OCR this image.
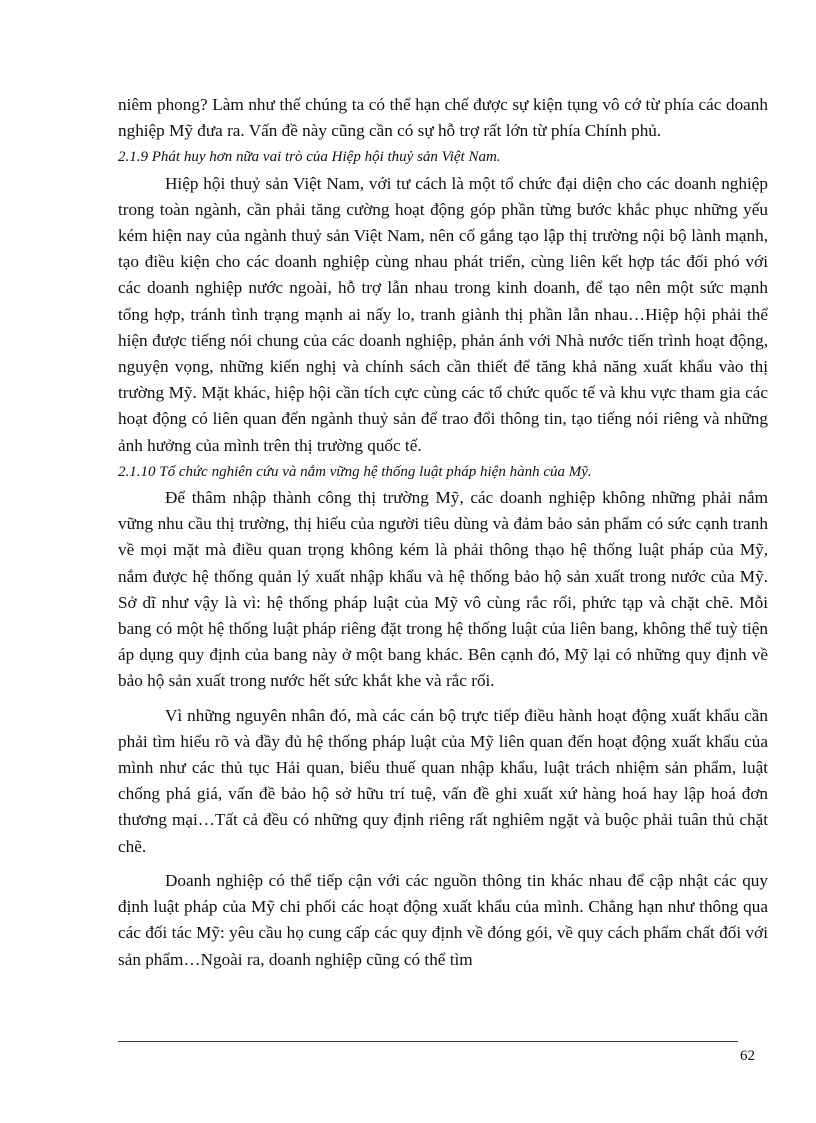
niêm phong? Làm như thế chúng ta có thể hạn chế được sự kiện tụng vô cớ từ phía các doanh nghiệp Mỹ đưa ra. Vấn đề này cũng cần có sự hỗ trợ rất lớn từ phía Chính phủ.

2.1.9 Phát huy hơn nữa vai trò của Hiệp hội thuỷ sản Việt Nam.

Hiệp hội thuỷ sản Việt Nam, với tư cách là một tổ chức đại diện cho các doanh nghiệp trong toàn ngành, cần phải tăng cường hoạt động góp phần từng bước khắc phục những yếu kém hiện nay của ngành thuỷ sản Việt Nam, nên cố gắng tạo lập thị trường nội bộ lành mạnh, tạo điều kiện cho các doanh nghiệp cùng nhau phát triển, cùng liên kết hợp tác đối phó với các doanh nghiệp nước ngoài, hỗ trợ lẫn nhau trong kinh doanh, để tạo nên một sức mạnh tổng hợp, tránh tình trạng mạnh ai nấy lo, tranh giành thị phần lẫn nhau…Hiệp hội phải thể hiện được tiếng nói chung của các doanh nghiệp, phản ánh với Nhà nước tiến trình hoạt động, nguyện vọng, những kiến nghị và chính sách cần thiết để tăng khả năng xuất khẩu vào thị trường Mỹ. Mặt khác, hiệp hội cần tích cực cùng các tổ chức quốc tế và khu vực tham gia các hoạt động có liên quan đến ngành thuỷ sản để trao đổi thông tin, tạo tiếng nói riêng và những ảnh hưởng của mình trên thị trường quốc tế.

2.1.10 Tổ chức nghiên cứu và nắm vững hệ thống luật pháp hiện hành của Mỹ.

Để thâm nhập thành công thị trường Mỹ, các doanh nghiệp không những phải nắm vững nhu cầu thị trường, thị hiếu của người tiêu dùng và đảm bảo sản phẩm có sức cạnh tranh về mọi mặt mà điều quan trọng không kém là phải thông thạo hệ thống luật pháp của Mỹ, nắm được hệ thống quản lý xuất nhập khẩu và hệ thống bảo hộ sản xuất trong nước của Mỹ. Sở dĩ như vậy là vì: hệ thống pháp luật của Mỹ vô cùng rắc rối, phức tạp và chặt chẽ. Mỗi bang có một hệ thống luật pháp riêng đặt trong hệ thống luật của liên bang, không thể tuỳ tiện áp dụng quy định của bang này ở một bang khác. Bên cạnh đó, Mỹ lại có những quy định về bảo hộ sản xuất trong nước hết sức khắt khe và rắc rối.

Vì những nguyên nhân đó, mà các cán bộ trực tiếp điều hành hoạt động xuất khẩu cần phải tìm hiểu rõ và đầy đủ hệ thống pháp luật của Mỹ liên quan đến hoạt động xuất khẩu của mình như các thủ tục Hải quan, biểu thuế quan nhập khẩu, luật trách nhiệm sản phẩm, luật chống phá giá, vấn đề bảo hộ sở hữu trí tuệ, vấn đề ghi xuất xứ hàng hoá hay lập hoá đơn thương mại…Tất cả đều có những quy định riêng rất nghiêm ngặt và buộc phải tuân thủ chặt chẽ.

Doanh nghiệp có thể tiếp cận với các nguồn thông tin khác nhau để cập nhật các quy định luật pháp của Mỹ chi phối các hoạt động xuất khẩu của mình. Chẳng hạn như thông qua các đối tác Mỹ: yêu cầu họ cung cấp các quy định về đóng gói, về quy cách phẩm chất đối với sản phẩm…Ngoài ra, doanh nghiệp cũng có thể tìm

62
